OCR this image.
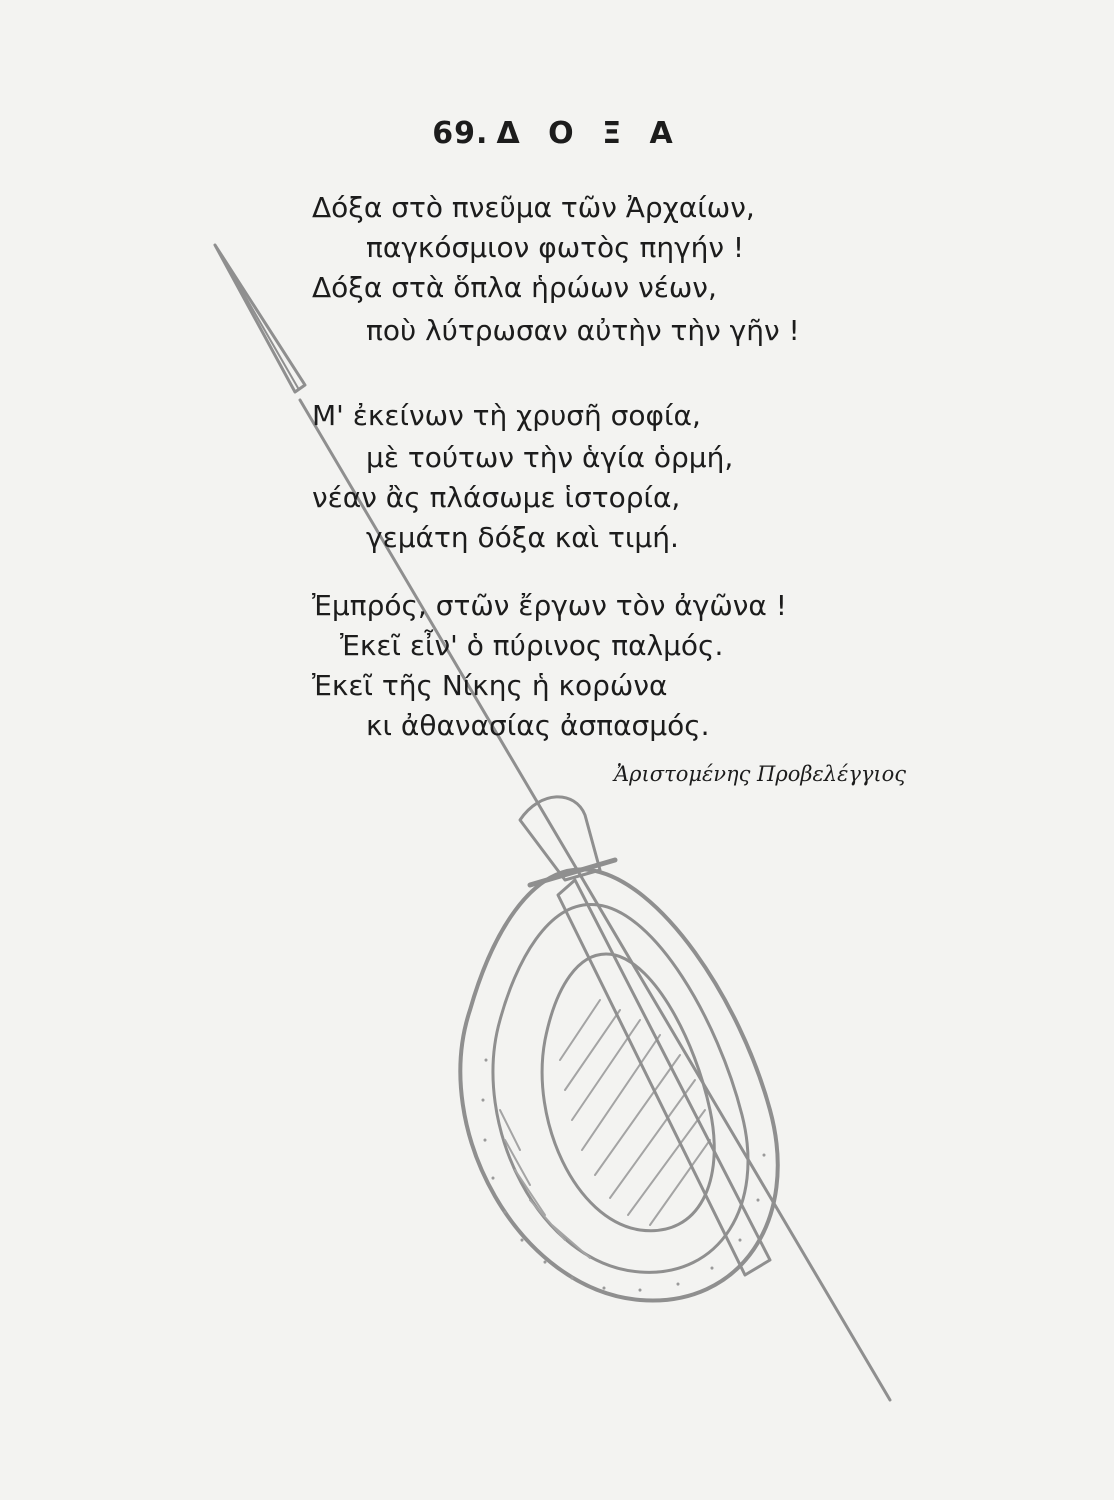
69. Δ Ο Ξ Α
Δόξα στὸ πνεῦμα τῶν Ἀρχαίων,
παγκόσμιον φωτὸς πηγήν !
Δόξα στὰ ὅπλα ἡρώων νέων,
ποὺ λύτρωσαν αὐτὴν τὴν γῆν !
Μ' ἐκείνων τὴ χρυσῆ σοφία,
μὲ τούτων τὴν ἁγία ὁρμή,
νέαν ἂς πλάσωμε ἱστορία,
γεμάτη δόξα καὶ τιμή.
Ἐμπρός, στῶν ἔργων τὸν ἀγῶνα !
Ἐκεῖ εἶν' ὁ πύρινος παλμός.
Ἐκεῖ τῆς Νίκης ἡ κορώνα
κι ἀθανασίας ἀσπασμός.
Ἀριστομένης Προβελέγγιος
